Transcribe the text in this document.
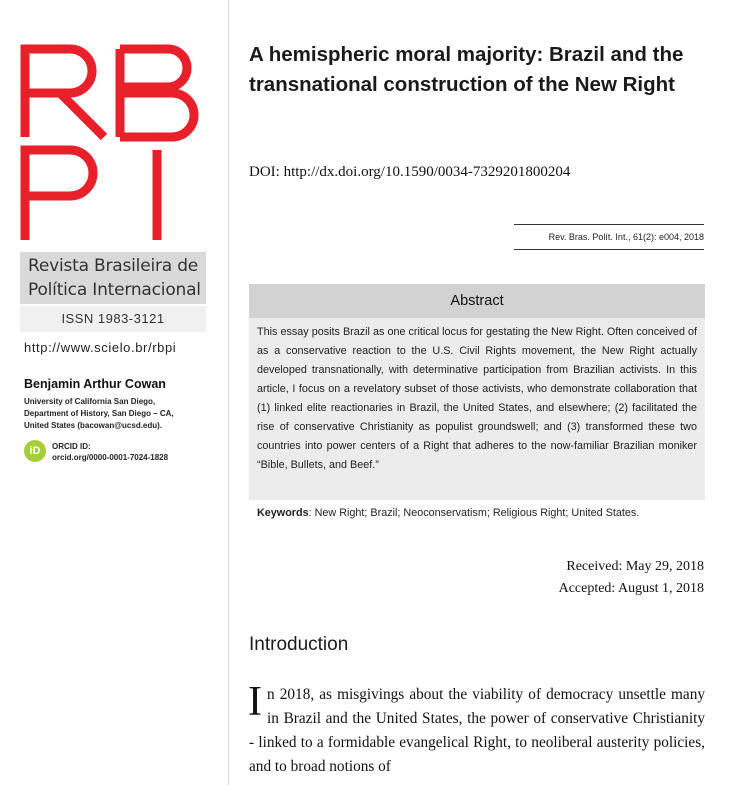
Revista Brasileira de
Política Internacional
ISSN 1983-3121
http://www.scielo.br/rbpi
Benjamin Arthur Cowan
University of California San Diego,
Department of History, San Diego – CA,
United States (bacowan@ucsd.edu).
iD	ORCID ID:
orcid.org/0000-0001-7024-1828
A hemispheric moral majority: Brazil and the transnational construction of the New Right
DOI: http://dx.doi.org/10.1590/0034-7329201800204
Rev. Bras. Polít. Int., 61(2): e004, 2018
Abstract

This essay posits Brazil as one critical locus for gestating the New Right. Often conceived of as a conservative reaction to the U.S. Civil Rights movement, the New Right actually developed transnationally, with determinative participation from Brazilian activists. In this article, I focus on a revelatory subset of those activists, who demonstrate collaboration that (1) linked elite reactionaries in Brazil, the United States, and elsewhere; (2) facilitated the rise of conservative Christianity as populist groundswell; and (3) transformed these two countries into power centers of a Right that adheres to the now-familiar Brazilian moniker “Bible, Bullets, and Beef.”

Keywords: New Right; Brazil; Neoconservatism; Religious Right; United States.
Received: May 29, 2018
Accepted: August 1, 2018
Introduction

In 2018, as misgivings about the viability of democracy unsettle many in Brazil and the United States, the power of conservative Christianity - linked to a formidable evangelical Right, to neoliberal austerity policies, and to broad notions of
